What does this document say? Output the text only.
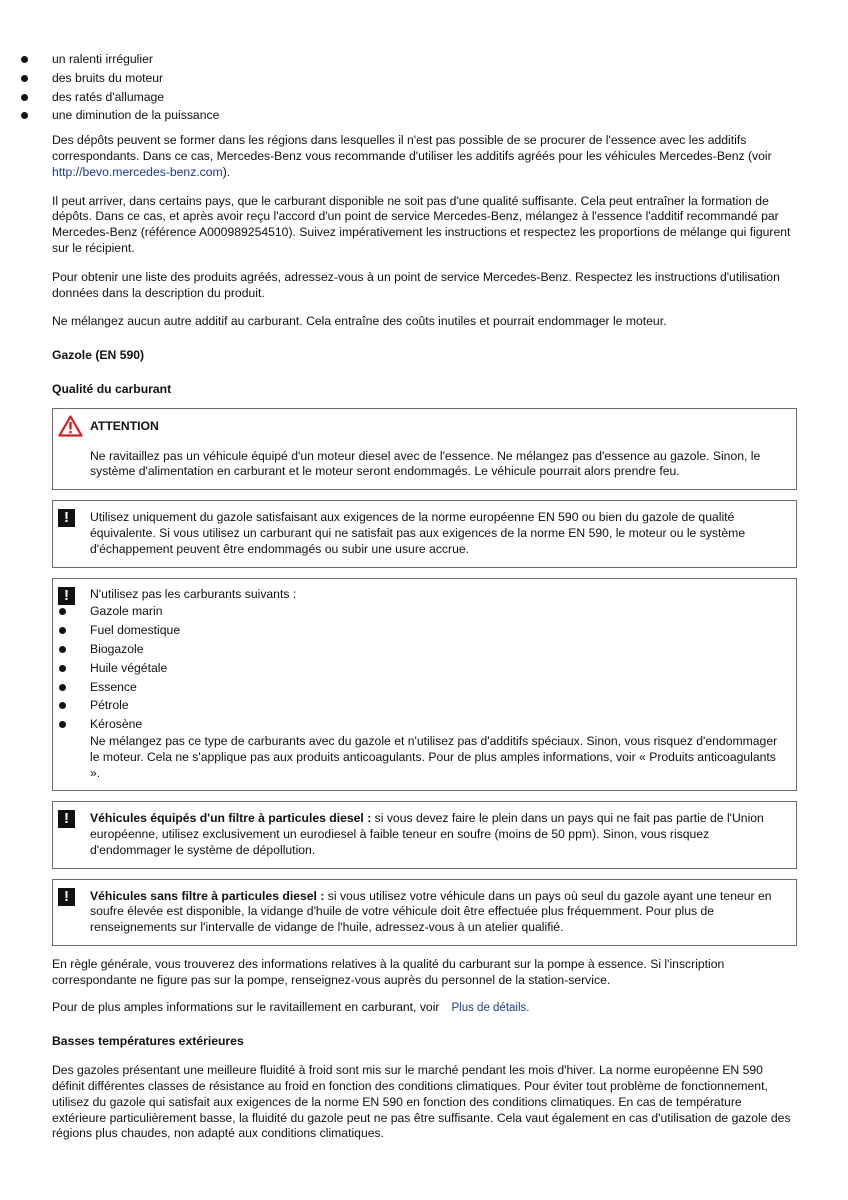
un ralenti irrégulier
des bruits du moteur
des ratés d'allumage
une diminution de la puissance

Des dépôts peuvent se former dans les régions dans lesquelles il n'est pas possible de se procurer de l'essence avec les additifs correspondants. Dans ce cas, Mercedes-Benz vous recommande d'utiliser les additifs agréés pour les véhicules Mercedes-Benz (voir http://bevo.mercedes-benz.com).

Il peut arriver, dans certains pays, que le carburant disponible ne soit pas d'une qualité suffisante. Cela peut entraîner la formation de dépôts. Dans ce cas, et après avoir reçu l'accord d'un point de service Mercedes-Benz, mélangez à l'essence l'additif recommandé par Mercedes-Benz (référence A000989254510). Suivez impérativement les instructions et respectez les proportions de mélange qui figurent sur le récipient.

Pour obtenir une liste des produits agréés, adressez-vous à un point de service Mercedes-Benz. Respectez les instructions d'utilisation données dans la description du produit.

Ne mélangez aucun autre additif au carburant. Cela entraîne des coûts inutiles et pourrait endommager le moteur.

Gazole (EN 590)

Qualité du carburant

ATTENTION

Ne ravitaillez pas un véhicule équipé d'un moteur diesel avec de l'essence. Ne mélangez pas d'essence au gazole. Sinon, le système d'alimentation en carburant et le moteur seront endommagés. Le véhicule pourrait alors prendre feu.

!	Utilisez uniquement du gazole satisfaisant aux exigences de la norme européenne EN 590 ou bien du gazole de qualité équivalente. Si vous utilisez un carburant qui ne satisfait pas aux exigences de la norme EN 590, le moteur ou le système d'échappement peuvent être endommagés ou subir une usure accrue.

!	N'utilisez pas les carburants suivants :

Gazole marin
Fuel domestique
Biogazole
Huile végétale
Essence
Pétrole
Kérosène

Ne mélangez pas ce type de carburants avec du gazole et n'utilisez pas d'additifs spéciaux. Sinon, vous risquez d'endommager le moteur. Cela ne s'applique pas aux produits anticoagulants. Pour de plus amples informations, voir « Produits anticoagulants ».

!	Véhicules équipés d'un filtre à particules diesel : si vous devez faire le plein dans un pays qui ne fait pas partie de l'Union européenne, utilisez exclusivement un eurodiesel à faible teneur en soufre (moins de 50 ppm). Sinon, vous risquez d'endommager le système de dépollution.

!	Véhicules sans filtre à particules diesel : si vous utilisez votre véhicule dans un pays où seul du gazole ayant une teneur en soufre élevée est disponible, la vidange d'huile de votre véhicule doit être effectuée plus fréquemment. Pour plus de renseignements sur l'intervalle de vidange de l'huile, adressez-vous à un atelier qualifié.

En règle générale, vous trouverez des informations relatives à la qualité du carburant sur la pompe à essence. Si l'inscription correspondante ne figure pas sur la pompe, renseignez-vous auprès du personnel de la station-service.

Pour de plus amples informations sur le ravitaillement en carburant, voir Plus de détails.

Basses températures extérieures

Des gazoles présentant une meilleure fluidité à froid sont mis sur le marché pendant les mois d'hiver. La norme européenne EN 590 définit différentes classes de résistance au froid en fonction des conditions climatiques. Pour éviter tout problème de fonctionnement, utilisez du gazole qui satisfait aux exigences de la norme EN 590 en fonction des conditions climatiques. En cas de température extérieure particulièrement basse, la fluidité du gazole peut ne pas être suffisante. Cela vaut également en cas d'utilisation de gazole des régions plus chaudes, non adapté aux conditions climatiques.
